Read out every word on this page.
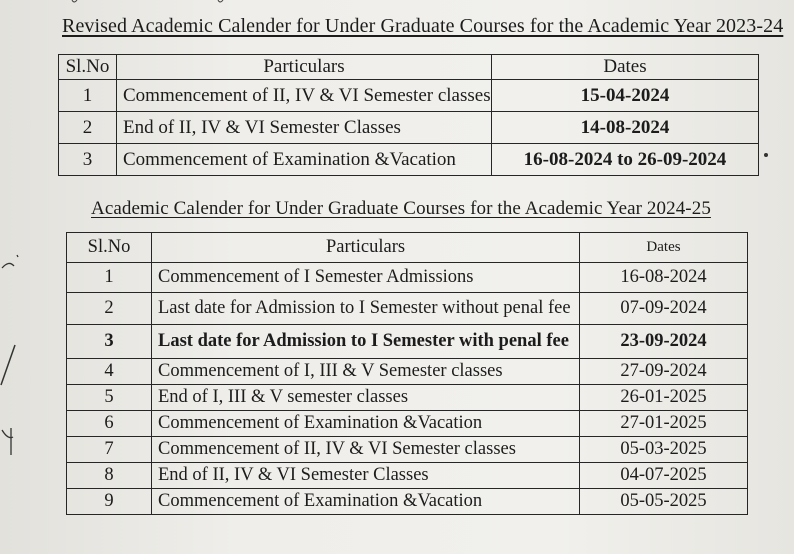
Revised Academic Calender for Under Graduate Courses for the Academic Year 2023-24
Sl.No	Particulars	Dates
1	Commencement of II, IV & VI Semester classes	15-04-2024
2	End of II, IV & VI Semester Classes	14-08-2024
3	Commencement of Examination &Vacation	16-08-2024 to 26-09-2024
Academic Calender for Under Graduate Courses for the Academic Year 2024-25
Sl.No	Particulars	Dates
1	Commencement of I Semester Admissions	16-08-2024
2	Last date for Admission to I Semester without penal fee	07-09-2024
3	Last date for Admission to I Semester with penal fee	23-09-2024
4	Commencement of I, III & V Semester classes	27-09-2024
5	End of I, III & V semester classes	26-01-2025
6	Commencement of Examination &Vacation	27-01-2025
7	Commencement of II, IV & VI Semester classes	05-03-2025
8	End of II, IV & VI Semester Classes	04-07-2025
9	Commencement of Examination &Vacation	05-05-2025
